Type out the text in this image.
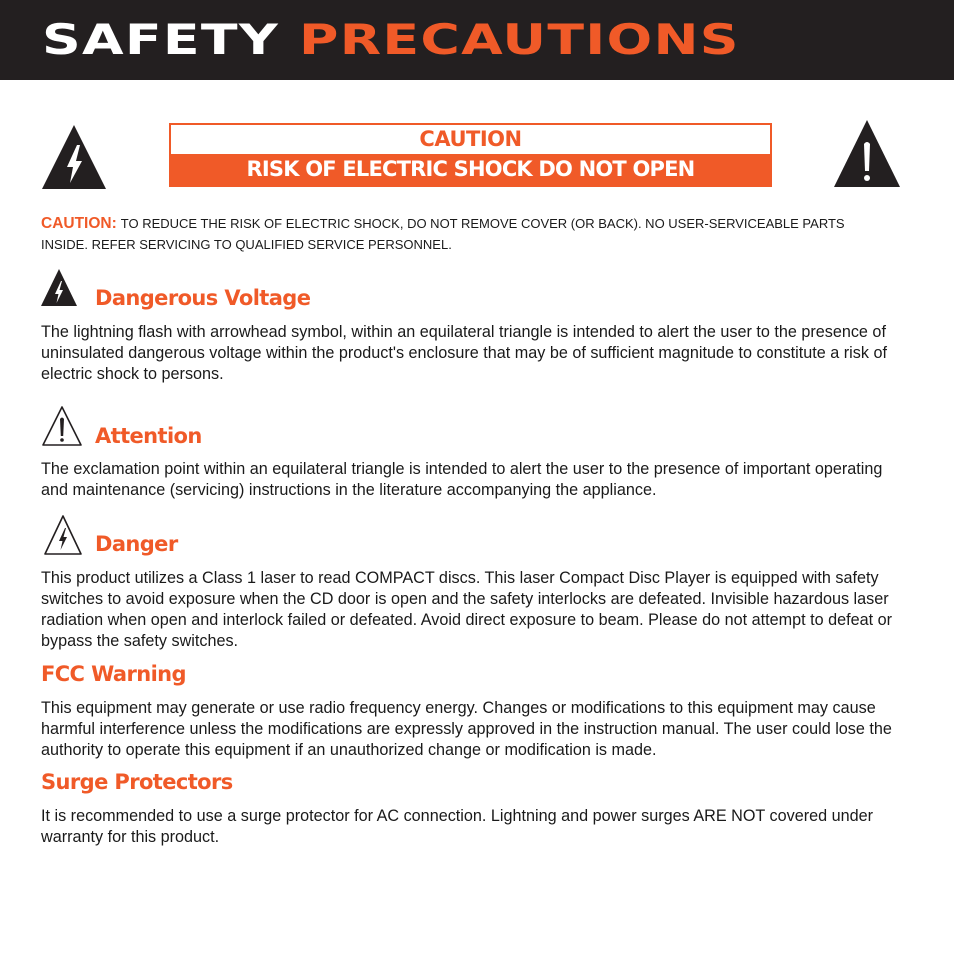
SAFETY PRECAUTIONS
CAUTION
RISK OF ELECTRIC SHOCK DO NOT OPEN

CAUTION: TO REDUCE THE RISK OF ELECTRIC SHOCK, DO NOT REMOVE COVER (OR BACK). NO USER-SERVICEABLE PARTS INSIDE. REFER SERVICING TO QUALIFIED SERVICE PERSONNEL.

Dangerous Voltage

The lightning flash with arrowhead symbol, within an equilateral triangle is intended to alert the user to the presence of uninsulated dangerous voltage within the product's enclosure that may be of sufficient magnitude to constitute a risk of electric shock to persons.

Attention

The exclamation point within an equilateral triangle is intended to alert the user to the presence of important operating and maintenance (servicing) instructions in the literature accompanying the appliance.

Danger

This product utilizes a Class 1 laser to read COMPACT discs. This laser Compact Disc Player is equipped with safety switches to avoid exposure when the CD door is open and the safety interlocks are defeated. Invisible hazardous laser radiation when open and interlock failed or defeated. Avoid direct exposure to beam. Please do not attempt to defeat or bypass the safety switches.

FCC Warning

This equipment may generate or use radio frequency energy. Changes or modifications to this equipment may cause harmful interference unless the modifications are expressly approved in the instruction manual. The user could lose the authority to operate this equipment if an unauthorized change or modification is made.

Surge Protectors

It is recommended to use a surge protector for AC connection. Lightning and power surges ARE NOT covered under warranty for this product.
